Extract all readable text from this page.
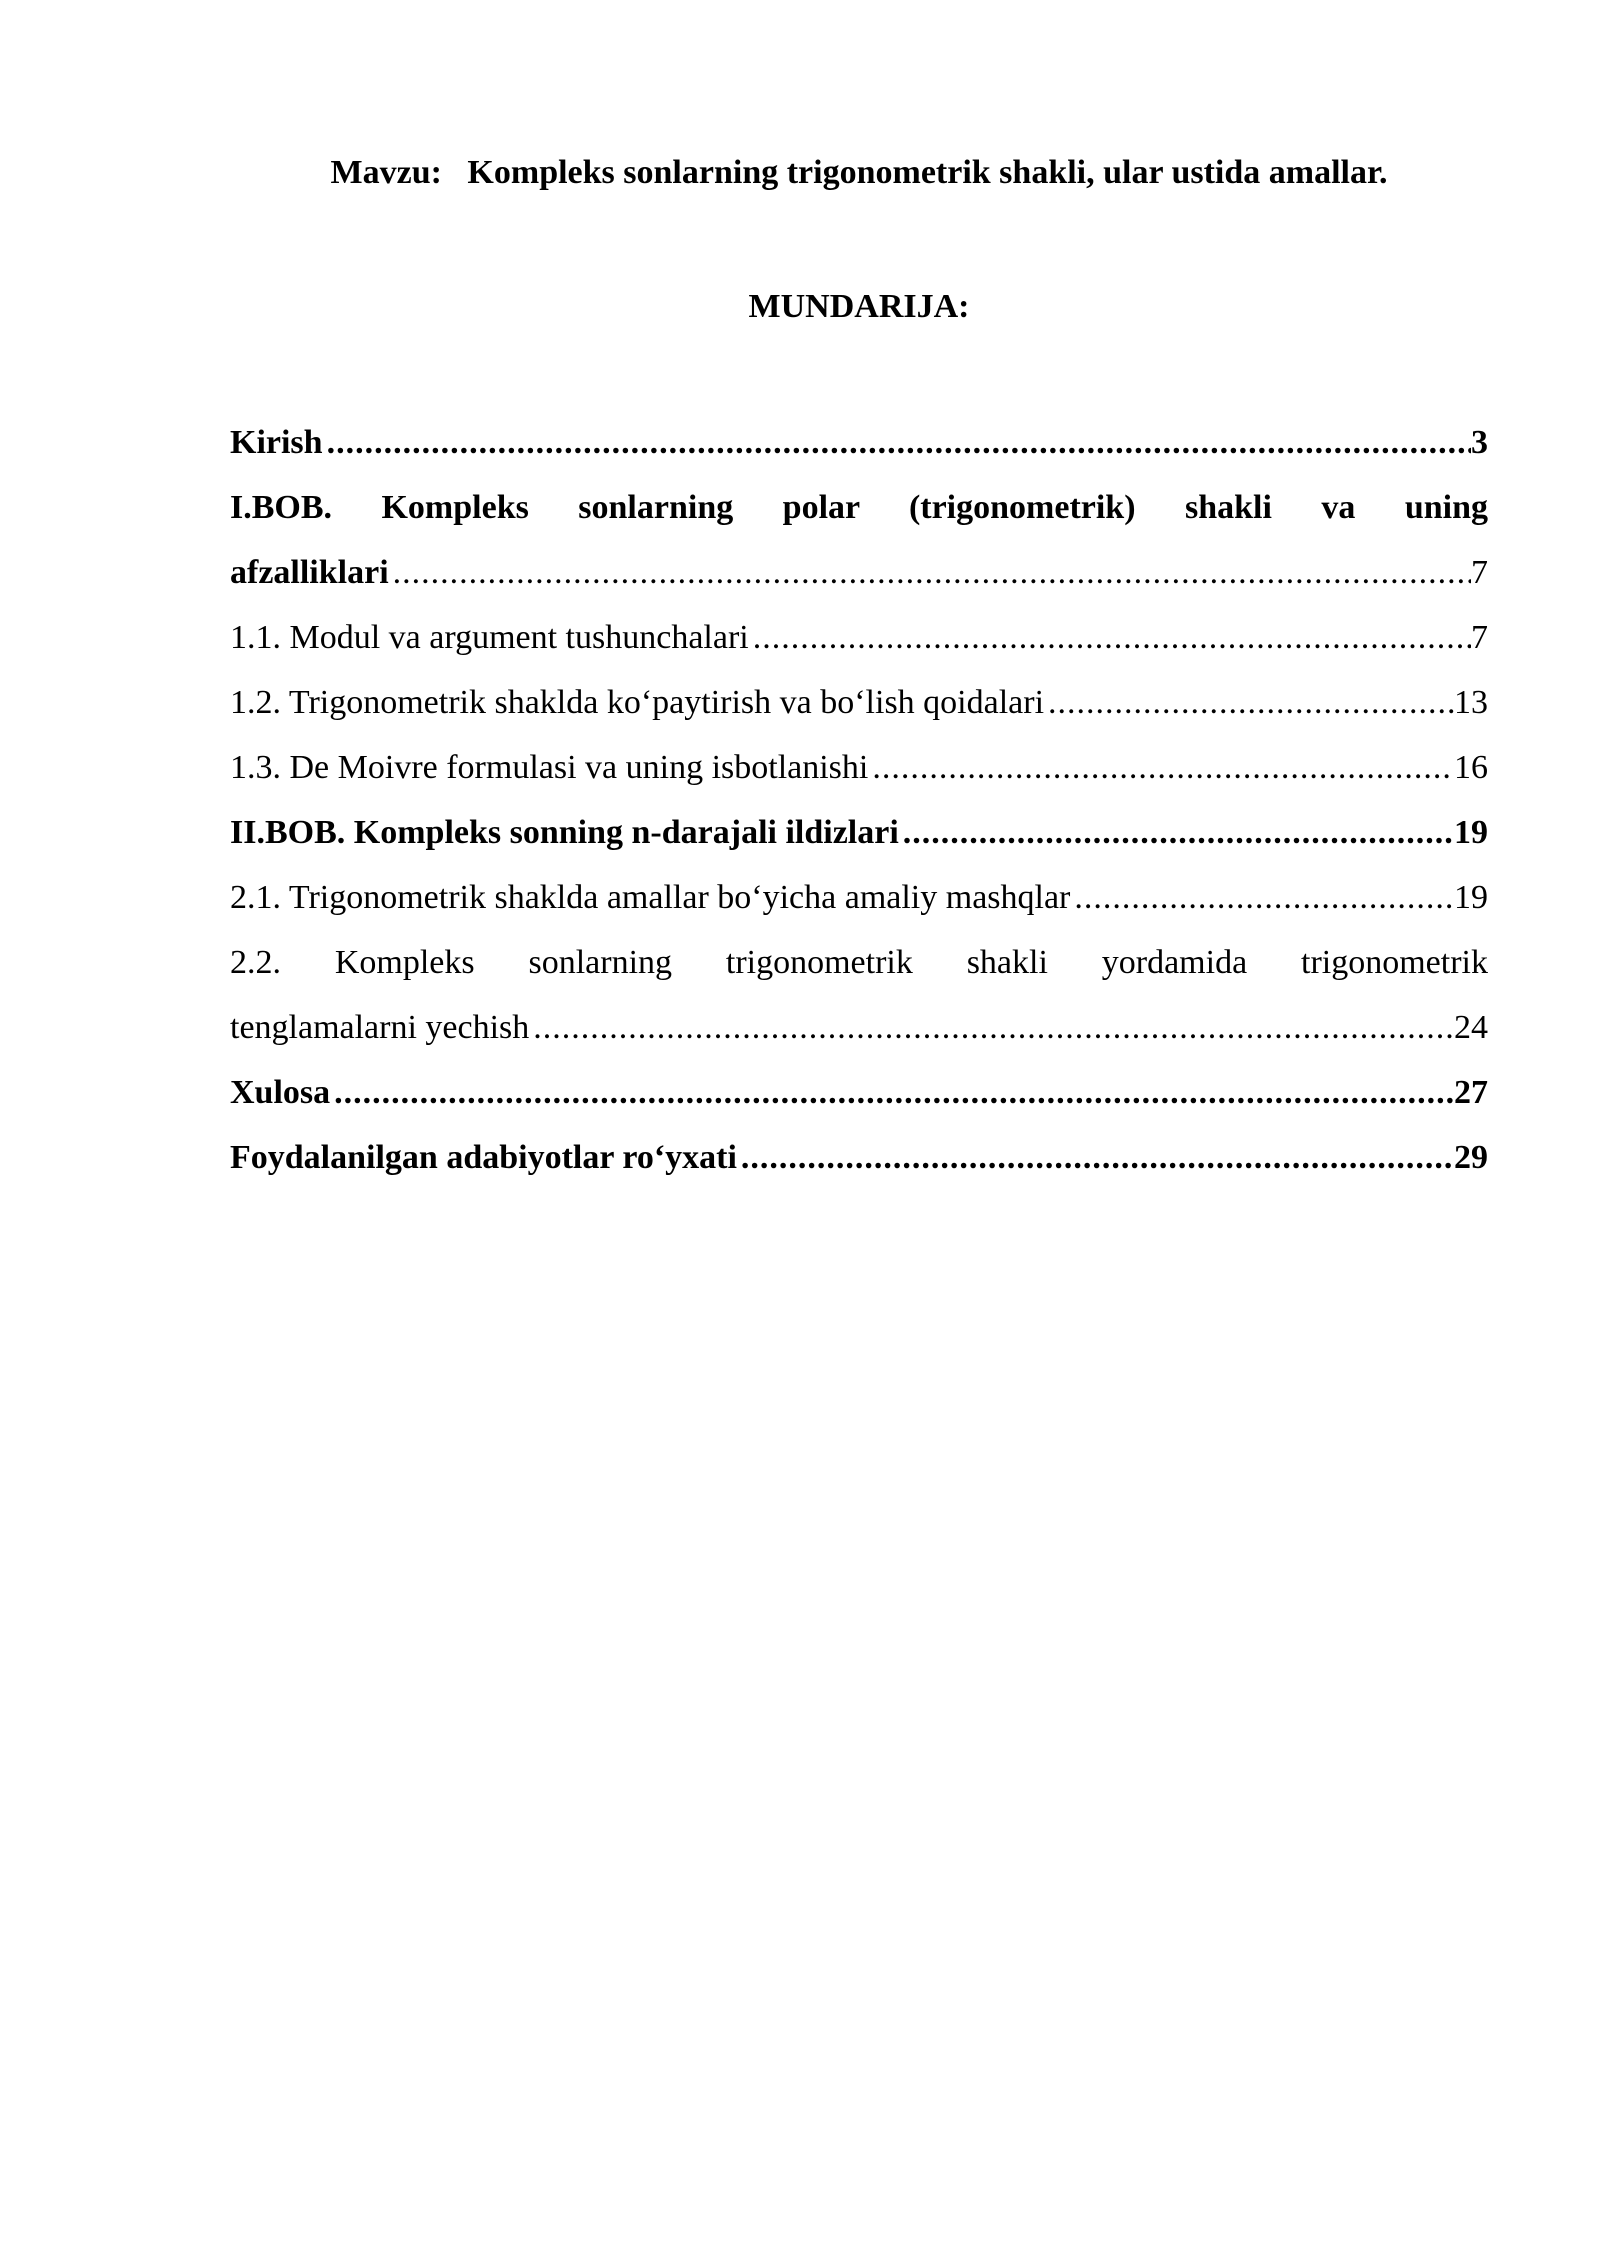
Mavzu:   Kompleks sonlarning trigonometrik shakli, ular ustida amallar.
MUNDARIJA:
Kirish .....	3
I.BOB. Kompleks sonlarning polar (trigonometrik) shakli va uning
afzalliklari .....	7
1.1. Modul va argument tushunchalari .....	7
1.2. Trigonometrik shaklda ko‘paytirish va bo‘lish qoidalari .....	13
1.3. De Moivre formulasi va uning isbotlanishi .....	16
II.BOB. Kompleks sonning n-darajali ildizlari .....	19
2.1. Trigonometrik shaklda amallar bo‘yicha amaliy mashqlar .....	19
2.2. Kompleks sonlarning trigonometrik shakli yordamida trigonometrik
tenglamalarni yechish .....	24
Xulosa .....	27
Foydalanilgan adabiyotlar ro‘yxati .....	29
